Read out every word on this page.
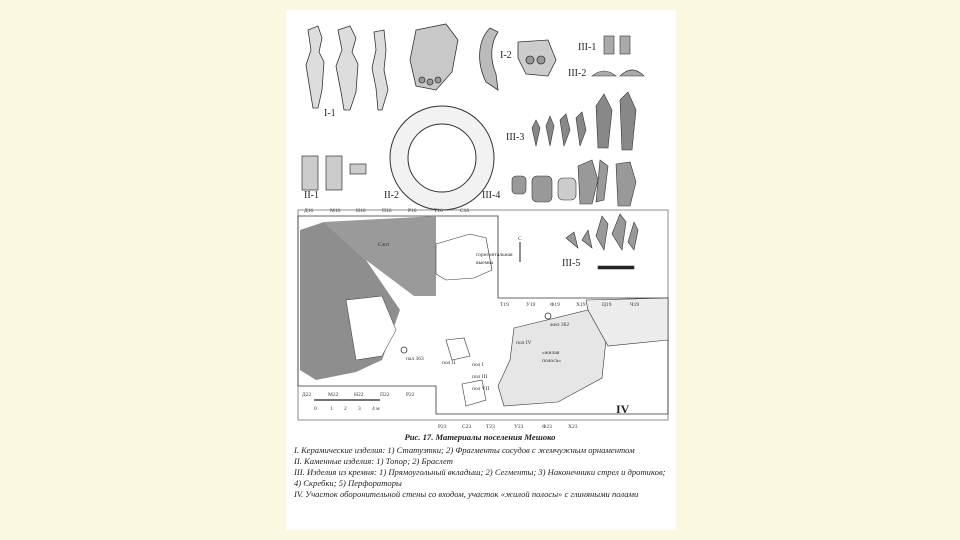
Сэпт
горизонтальная
выемка
жил 362
пал 363
«жилая
полоса»
пол II	пол I
пол IV
пол III
пол VII
Д16	М16	Н16	П16	Р16	Т16	С16
Д22	М22	Н22	П22	Р22
Р23	С23	Т23	У23	Ф23	Х23
Т19	У19	Ф19	Х19	Ц19	Ч19
0 1 2 3 4 м
С
I-1
I-2
II-1	II-2
III-1
III-2
III-3
III-4
III-5
IV
Рис. 17. Материалы поселения Мешоко
I. Керамические изделия: 1) Статуэтки; 2) Фрагменты сосудов с жемчужным орнаментом
II. Каменные изделия: 1) Топор; 2) Браслет
III. Изделия из кремня: 1) Прямоугольный вкладыш; 2) Сегменты; 3) Наконечники стрел и дротиков; 4) Скребки; 5) Перфораторы
IV. Участок оборонительной стены со входом, участок «жилой полосы» с глиняными полами
